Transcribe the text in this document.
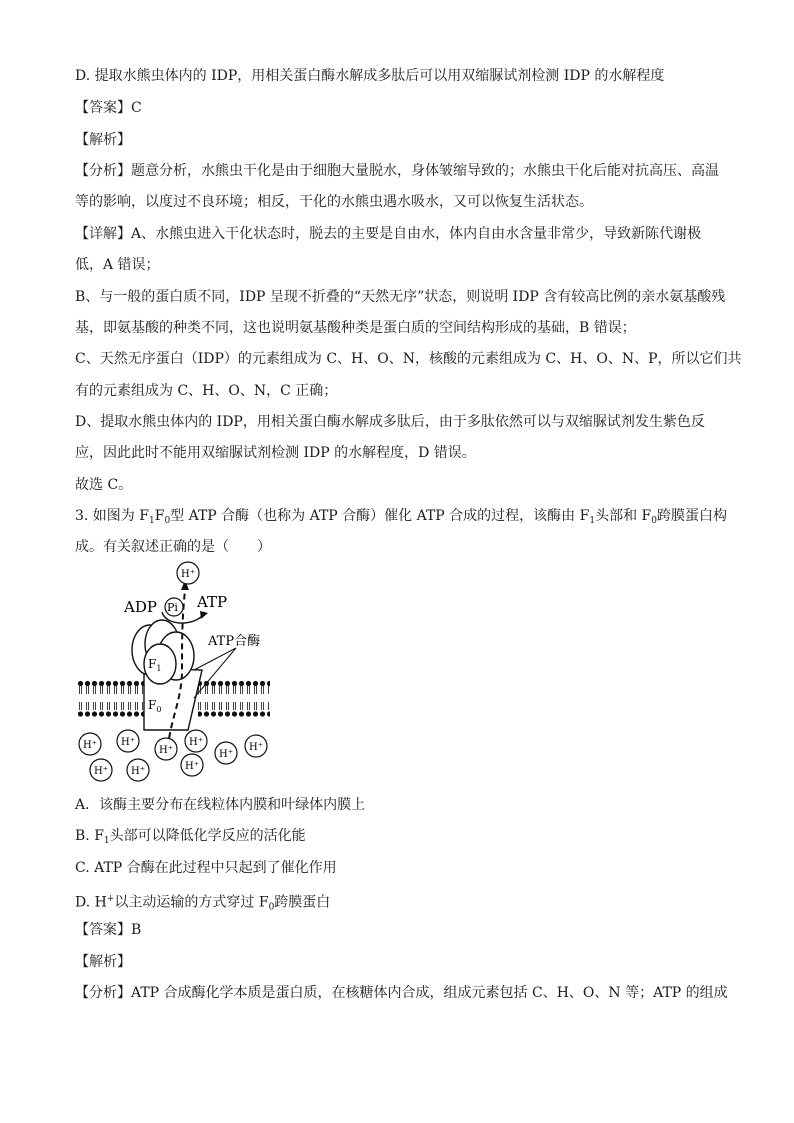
D. 提取水熊虫体内的 IDP，用相关蛋白酶水解成多肽后可以用双缩脲试剂检测 IDP 的水解程度
【答案】C
【解析】
【分析】题意分析，水熊虫干化是由于细胞大量脱水，身体皱缩导致的；水熊虫干化后能对抗高压、高温
等的影响，以度过不良环境；相反，干化的水熊虫遇水吸水，又可以恢复生活状态。
【详解】A、水熊虫进入干化状态时，脱去的主要是自由水，体内自由水含量非常少，导致新陈代谢极
低，A 错误；
B、与一般的蛋白质不同，IDP 呈现不折叠的“天然无序”状态，则说明 IDP 含有较高比例的亲水氨基酸残
基，即氨基酸的种类不同，这也说明氨基酸种类是蛋白质的空间结构形成的基础，B 错误；
C、天然无序蛋白（IDP）的元素组成为 C、H、O、N，核酸的元素组成为 C、H、O、N、P，所以它们共
有的元素组成为 C、H、O、N，C 正确；
D、提取水熊虫体内的 IDP，用相关蛋白酶水解成多肽后，由于多肽依然可以与双缩脲试剂发生紫色反
应，因此此时不能用双缩脲试剂检测 IDP 的水解程度，D 错误。
故选 C。
3. 如图为 $F_1F_0$型 ATP 合酶（也称为 ATP 合酶）催化 ATP 合成的过程，该酶由 $F_1$头部和 $F_0$跨膜蛋白构
成。有关叙述正确的是（　　）
$F_0$
$F_1$
H⁺
ADP Pi ATP
ATP合酶
H⁺ H⁺
H⁺
H⁺
H⁺
H⁺
H⁺ H⁺	H⁺
A．该酶主要分布在线粒体内膜和叶绿体内膜上
B. $F_1$头部可以降低化学反应的活化能
C. ATP 合酶在此过程中只起到了催化作用
D. H+以主动运输的方式穿过 $F_0$跨膜蛋白
【答案】B
【解析】
【分析】ATP 合成酶化学本质是蛋白质，在核糖体内合成，组成元素包括 C、H、O、N 等；ATP 的组成
